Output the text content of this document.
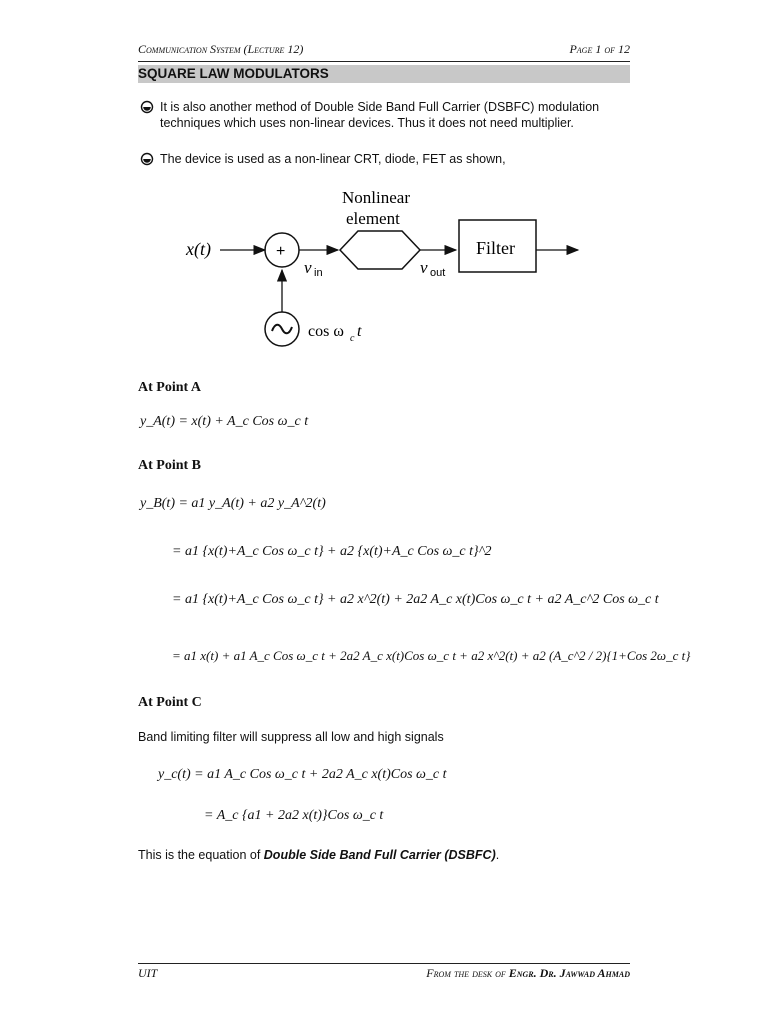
Communication System (Lecture 12)	Page 1 of 12
SQUARE LAW MODULATORS
It is also another method of Double Side Band Full Carrier (DSBFC) modulation techniques which uses non-linear devices. Thus it does not need multiplier.
The device is used as a non-linear CRT, diode, FET as shown,
x(t)	+
v in
Nonlinear
element
v out
Filter
cos ω c t
At Point A
y_A(t) = x(t) + A_c Cos ω_c t
At Point B
y_B(t) = a1 y_A(t) + a2 y_A^2(t)
= a1 {x(t)+A_c Cos ω_c t} + a2 {x(t)+A_c Cos ω_c t}^2
= a1 {x(t)+A_c Cos ω_c t} + a2 x^2(t) + 2a2 A_c x(t)Cos ω_c t + a2 A_c^2 Cos ω_c t
= a1 x(t) + a1 A_c Cos ω_c t + 2a2 A_c x(t)Cos ω_c t + a2 x^2(t) + a2 (A_c^2 / 2){1+Cos 2ω_c t}
At Point C
Band limiting filter will suppress all low and high signals
y_c(t) = a1 A_c Cos ω_c t + 2a2 A_c x(t)Cos ω_c t
= A_c {a1 + 2a2 x(t)}Cos ω_c t
This is the equation of Double Side Band Full Carrier (DSBFC).
UIT	From the desk of Engr. Dr. Jawwad Ahmad
